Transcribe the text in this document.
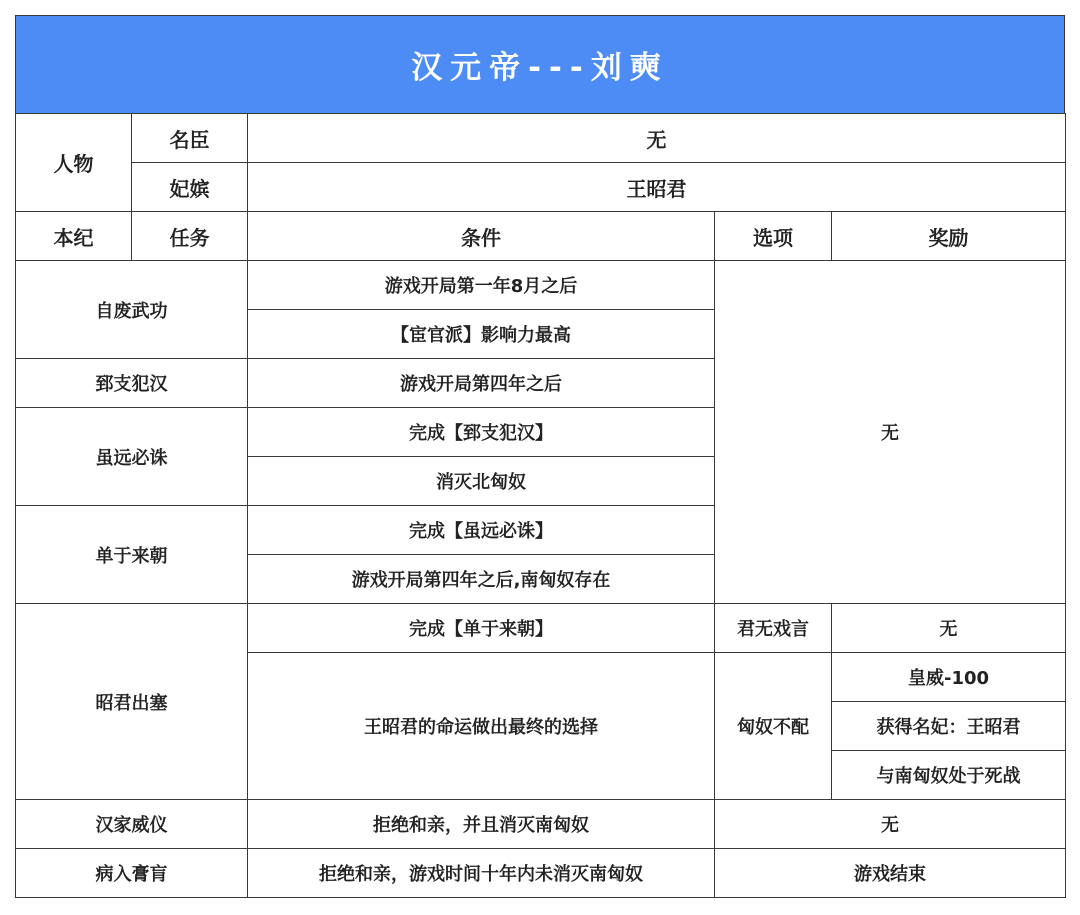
汉元帝---刘奭
人物	名臣	无		
	妃嫔	王昭君		
本纪	任务	条件	选项	奖励
自废武功		游戏开局第一年8月之后	无	
		【宦官派】影响力最高		
郅支犯汉		游戏开局第四年之后		
虽远必诛		完成【郅支犯汉】		
		消灭北匈奴		
单于来朝		完成【虽远必诛】		
		游戏开局第四年之后,南匈奴存在		
昭君出塞		完成【单于来朝】	君无戏言	无
		王昭君的命运做出最终的选择	匈奴不配	皇威-100
				获得名妃：王昭君
				与南匈奴处于死战
汉家威仪		拒绝和亲，并且消灭南匈奴	无	
病入膏肓		拒绝和亲，游戏时间十年内未消灭南匈奴	游戏结束	
